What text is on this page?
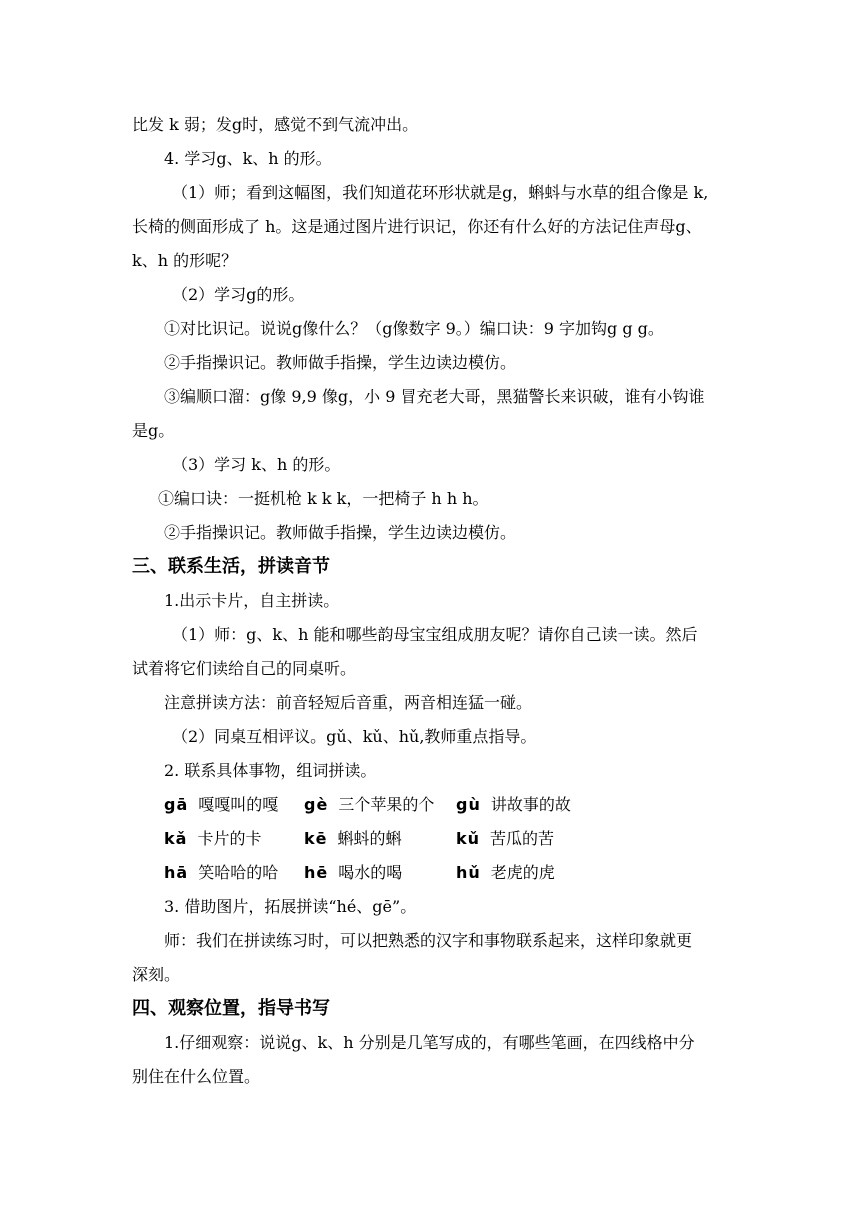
比发 k 弱；发g时，感觉不到气流冲出。

4. 学习g、k、h 的形。

（1）师；看到这幅图，我们知道花环形状就是g，蝌蚪与水草的组合像是 k,

长椅的侧面形成了 h。这是通过图片进行识记，你还有什么好的方法记住声母g、

k、h 的形呢？

（2）学习g的形。

①对比识记。说说g像什么？（g像数字 9。）编口诀：9 字加钩g g g。

②手指操识记。教师做手指操，学生边读边模仿。

③编顺口溜：g像 9,9 像g，小 9 冒充老大哥，黑猫警长来识破，谁有小钩谁

是g。

（3）学习 k、h 的形。

①编口诀：一挺机枪 k k k，一把椅子 h h h。

②手指操识记。教师做手指操，学生边读边模仿。

三、联系生活，拼读音节

1.出示卡片，自主拼读。

（1）师：g、k、h 能和哪些韵母宝宝组成朋友呢？请你自己读一读。然后

试着将它们读给自己的同桌听。

注意拼读方法：前音轻短后音重，两音相连猛一碰。

（2）同桌互相评议。gǔ、kǔ、hǔ,教师重点指导。

2. 联系具体事物，组词拼读。

gā 嘎嘎叫的嘎	gè 三个苹果的个	gù 讲故事的故
kǎ 卡片的卡	kē 蝌蚪的蝌	kǔ 苦瓜的苦
hā 笑哈哈的哈	hē 喝水的喝	hǔ 老虎的虎

3. 借助图片，拓展拼读“hé、gē”。

师：我们在拼读练习时，可以把熟悉的汉字和事物联系起来，这样印象就更

深刻。

四、观察位置，指导书写

1.仔细观察：说说g、k、h 分别是几笔写成的，有哪些笔画，在四线格中分

别住在什么位置。
